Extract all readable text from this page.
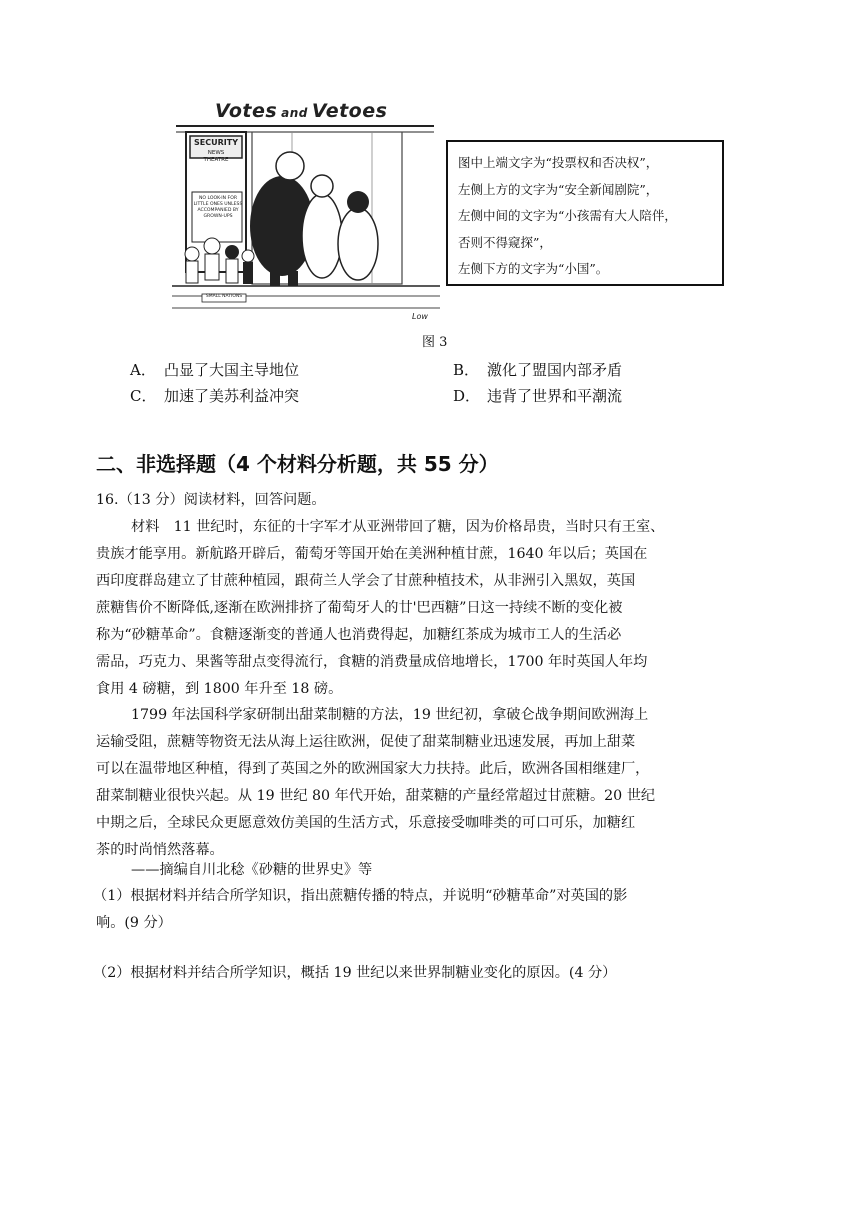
Votes and Vetoes
SECURITY
NEWS
THEATRE
NO LOOK-IN FOR
LITTLE ONES UNLESS
ACCOMPANIED BY
GROWN-UPS
SMALL NATIONS
Low

图中上端文字为“投票权和否决权”，

左侧上方的文字为“安全新闻剧院”，

左侧中间的文字为“小孩需有大人陪伴，

否则不得窥探”，

左侧下方的文字为“小国”。

图 3
A． 凸显了大国主导地位	B． 激化了盟国内部矛盾
C． 加速了美苏利益冲突	D． 违背了世界和平潮流
二、非选择题（4 个材料分析题，共 55 分）
16.（13 分）阅读材料，回答问题。
材料　11 世纪时，东征的十字军才从亚洲带回了糖，因为价格昂贵，当时只有王室、
贵族才能享用。新航路开辟后，葡萄牙等国开始在美洲种植甘蔗，1640 年以后；英国在
西印度群岛建立了甘蔗种植园，跟荷兰人学会了甘蔗种植技术，从非洲引入黑奴，英国
蔗糖售价不断降低,逐渐在欧洲排挤了葡萄牙人的廿'巴西糖”日这一持续不断的变化被
称为“砂糖革命”。食糖逐渐变的普通人也消费得起，加糖红茶成为城市工人的生活必
需品，巧克力、果酱等甜点变得流行，食糖的消费量成倍地增长，1700 年时英国人年均
食用 4 磅糖，到 1800 年升至 18 磅。
1799 年法国科学家研制出甜菜制糖的方法，19 世纪初，拿破仑战争期间欧洲海上
运输受阻，蔗糖等物资无法从海上运往欧洲，促使了甜菜制糖业迅速发展，再加上甜菜
可以在温带地区种植，得到了英国之外的欧洲国家大力扶持。此后，欧洲各国相继建厂，
甜菜制糖业很快兴起。从 19 世纪 80 年代开始，甜菜糖的产量经常超过甘蔗糖。20 世纪
中期之后，全球民众更愿意效仿美国的生活方式，乐意接受咖啡类的可口可乐，加糖红
茶的时尚悄然落幕。
——摘编自川北稔《砂糖的世界史》等
（1）根据材料并结合所学知识，指出蔗糖传播的特点，并说明“砂糖革命”对英国的影
响。(9 分）
（2）根据材料并结合所学知识，概括 19 世纪以来世界制糖业变化的原因。(4 分）
